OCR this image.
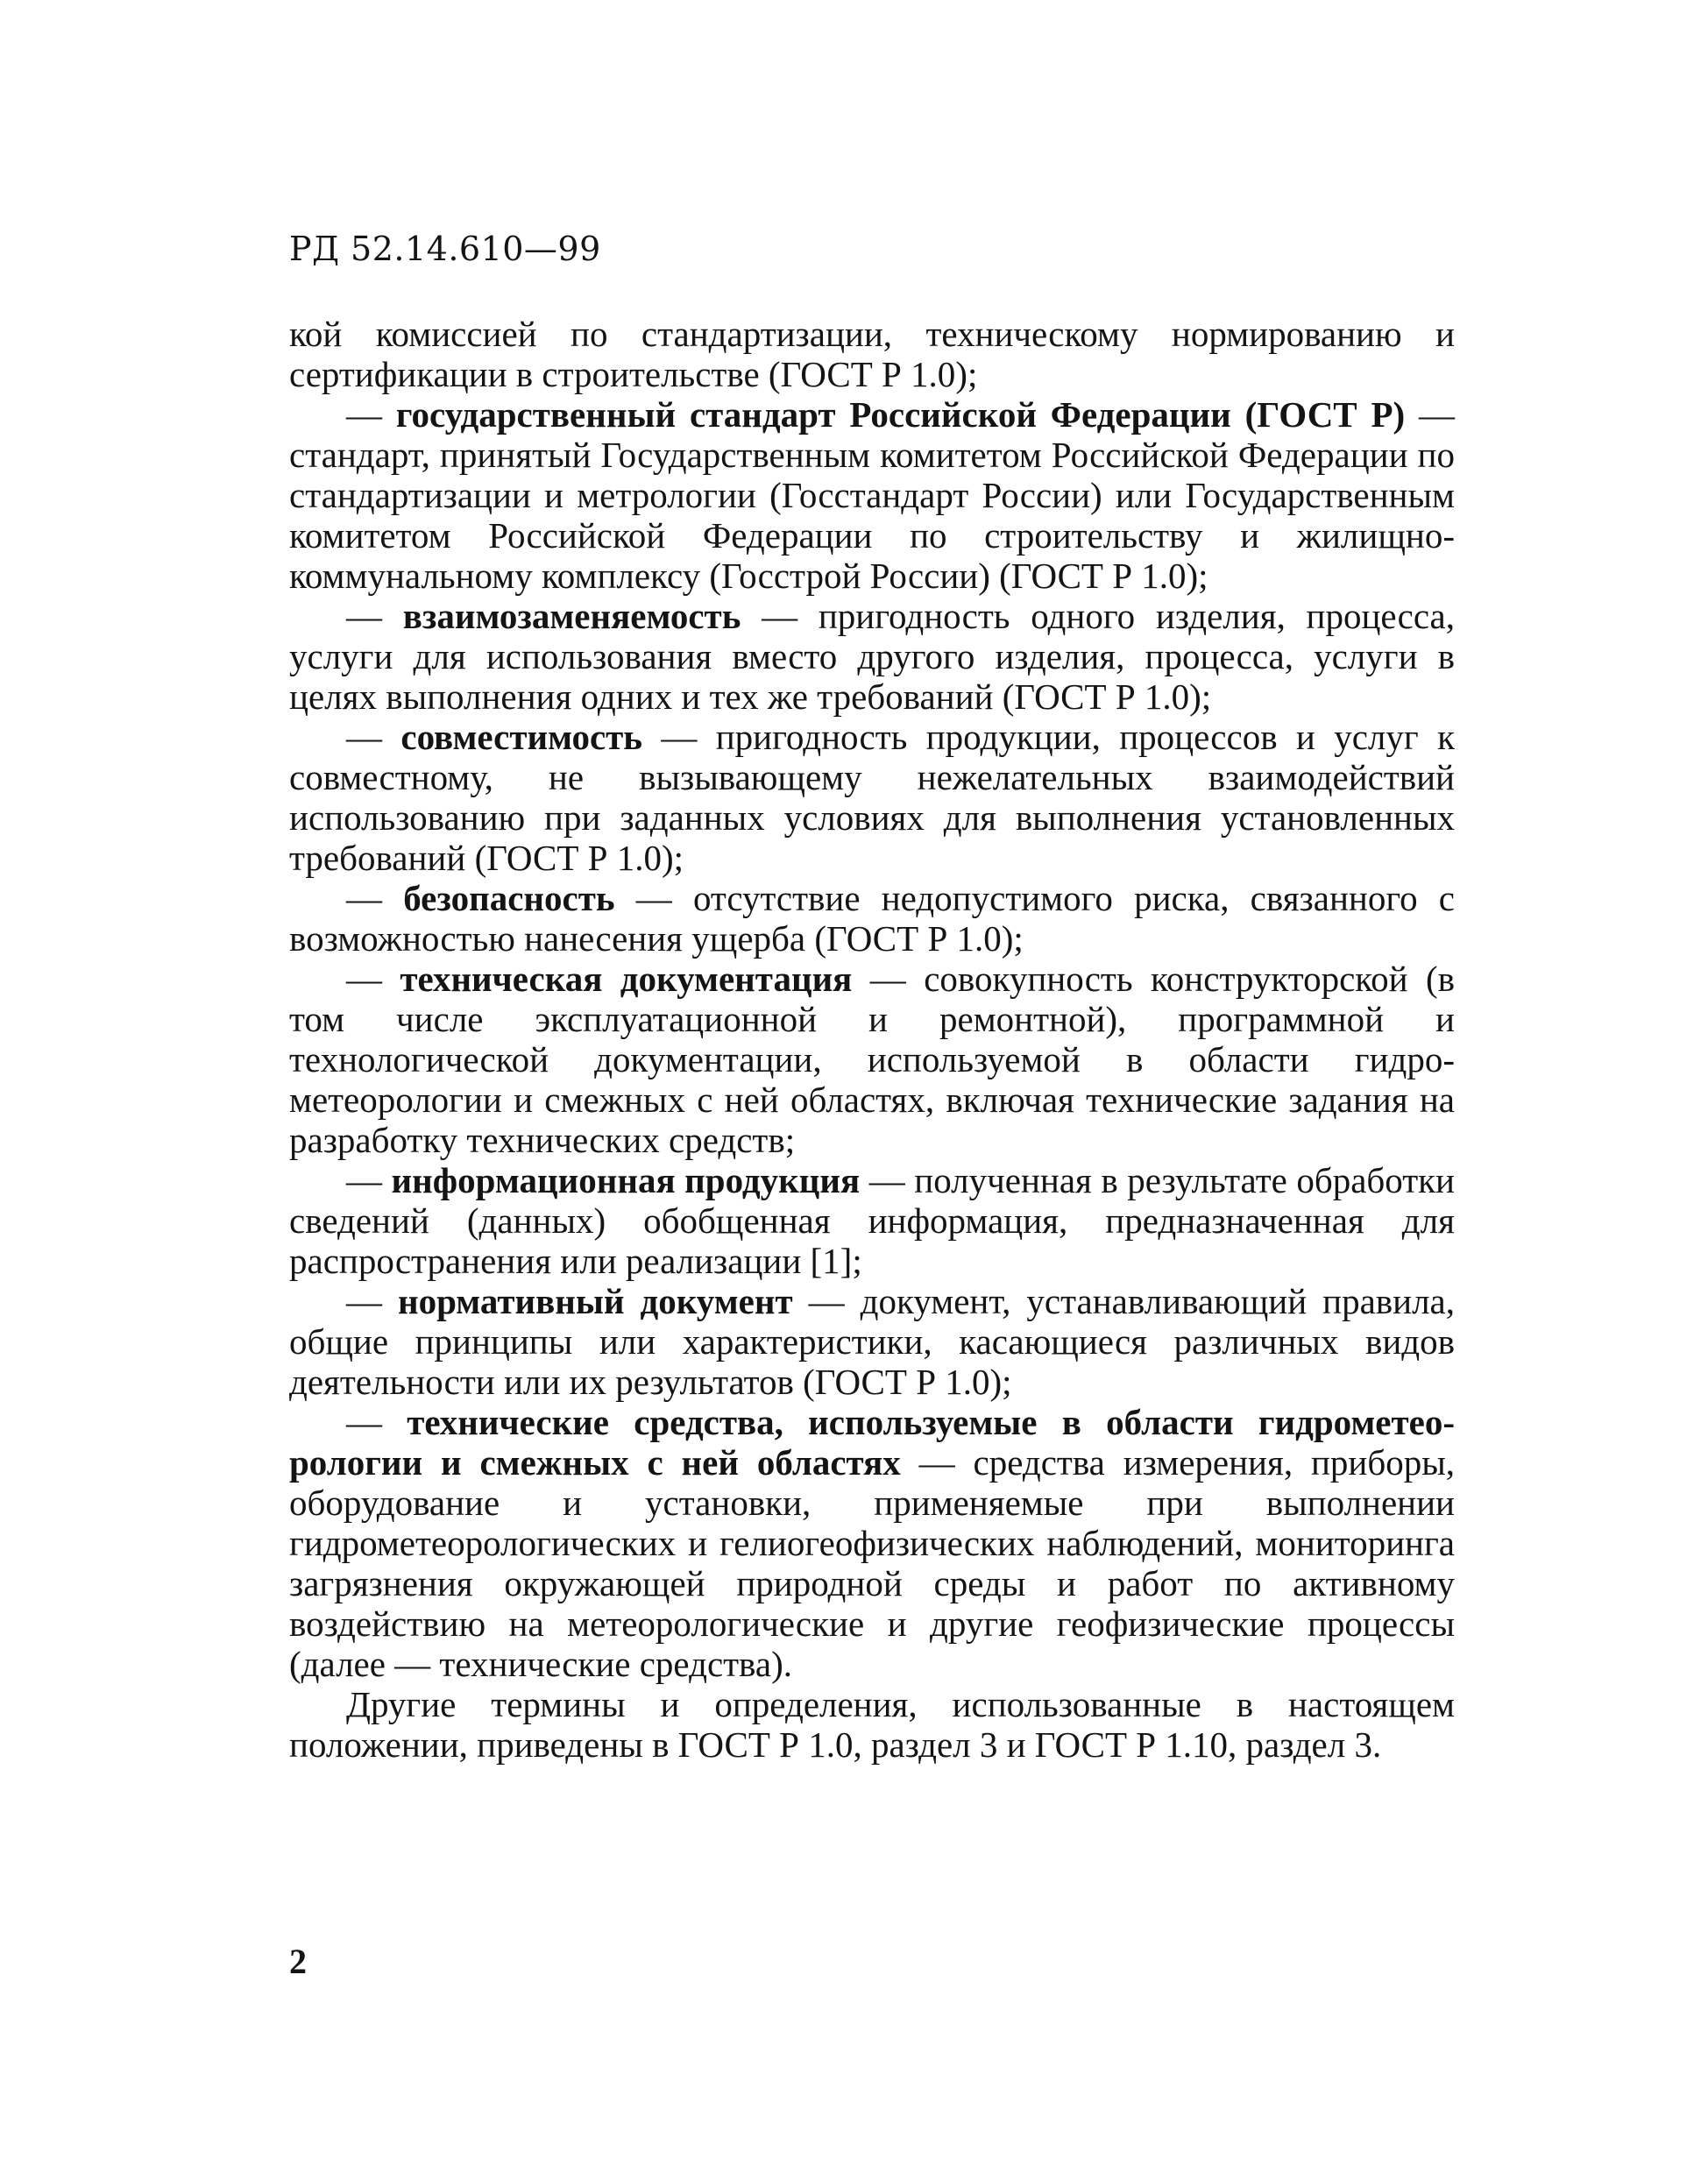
РД 52.14.610—99

кой комиссией по стандартизации, техническому нормированию и сертификации в строительстве (ГОСТ Р 1.0);

— государственный стандарт Российской Федерации (ГОСТ Р) — стандарт, принятый Государственным комитетом Российской Федерации по стандартизации и метрологии (Госстандарт России) или Государственным комитетом Российской Федерации по строительству и жилищно-коммунальному комплексу (Госстрой России) (ГОСТ Р 1.0);

— взаимозаменяемость — пригодность одного изделия, процесса, услуги для использования вместо другого изделия, процесса, услуги в целях выполнения одних и тех же требований (ГОСТ Р 1.0);

— совместимость — пригодность продукции, процессов и услуг к совместному, не вызывающему нежелательных взаимодействий использованию при заданных условиях для выполнения установленных требований (ГОСТ Р 1.0);

— безопасность — отсутствие недопустимого риска, связанного с возможностью нанесения ущерба (ГОСТ Р 1.0);

— техническая документация — совокупность конструкторской (в том числе эксплуатационной и ремонтной), программной и технологической документации, используемой в области гидрометеорологии и смежных с ней областях, включая технические задания на разработку технических средств;

— информационная продукция — полученная в результате обработки сведений (данных) обобщенная информация, предназначенная для распространения или реализации [1];

— нормативный документ — документ, устанавливающий правила, общие принципы или характеристики, касающиеся различных видов деятельности или их результатов (ГОСТ Р 1.0);

— технические средства, используемые в области гидрометеорологии и смежных с ней областях — средства измерения, приборы, оборудование и установки, применяемые при выполнении гидрометеорологических и гелиогеофизических наблюдений, мониторинга загрязнения окружающей природной среды и работ по активному воздействию на метеорологические и другие геофизические процессы (далее — технические средства).

Другие термины и определения, использованные в настоящем положении, приведены в ГОСТ Р 1.0, раздел 3 и ГОСТ Р 1.10, раздел 3.

2
